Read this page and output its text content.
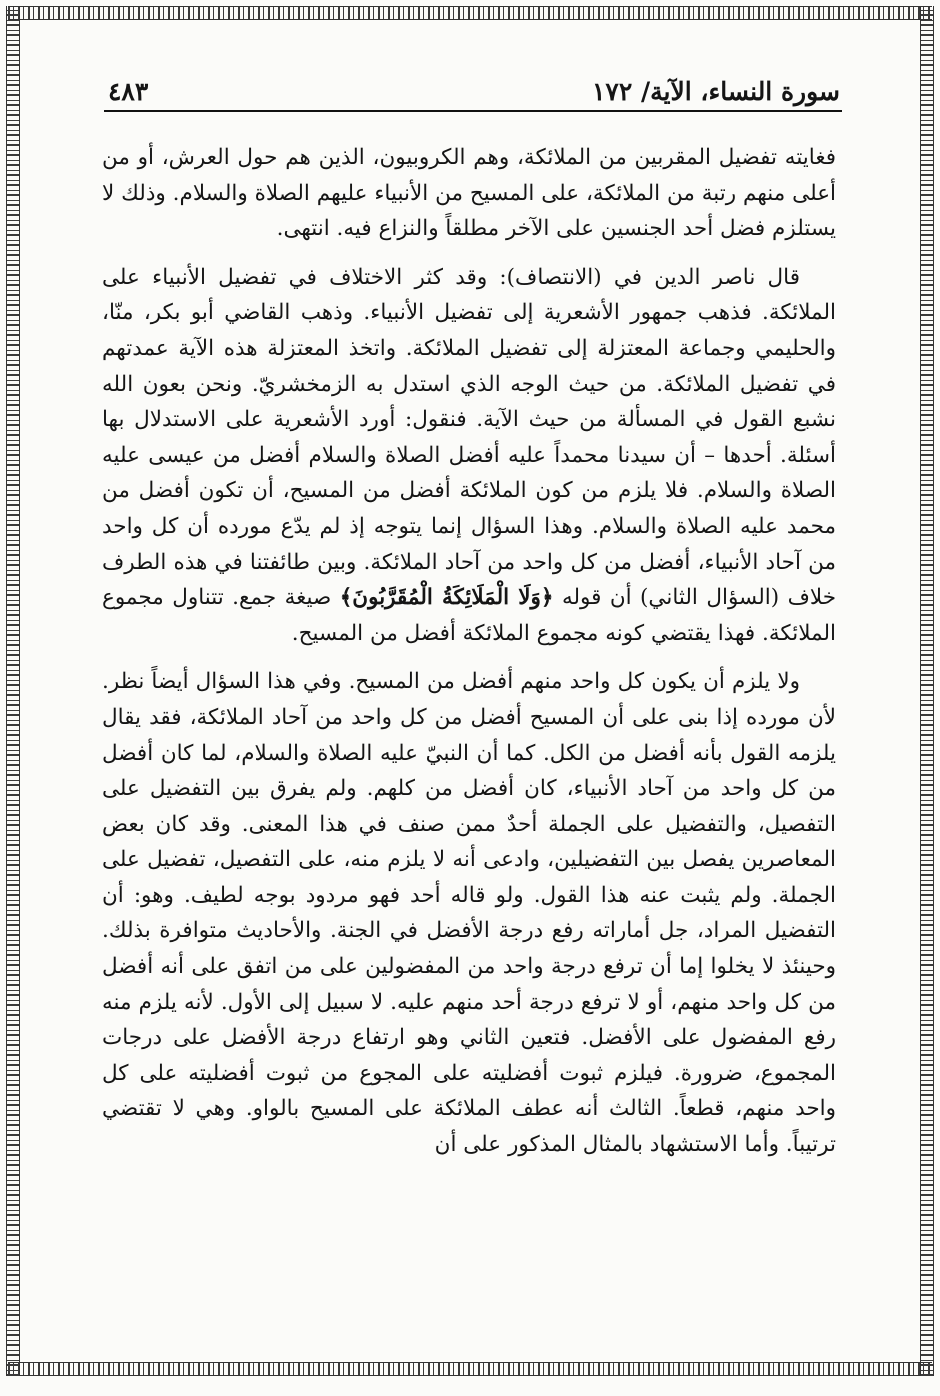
سورة النساء، الآية/ ١٧٢
٤٨٣

فغايته تفضيل المقربين من الملائكة، وهم الكروبيون، الذين هم حول العرش، أو من أعلى منهم رتبة من الملائكة، على المسيح من الأنبياء عليهم الصلاة والسلام. وذلك لا يستلزم فضل أحد الجنسين على الآخر مطلقاً والنزاع فيه. انتهى.

قال ناصر الدين في (الانتصاف): وقد كثر الاختلاف في تفضيل الأنبياء على الملائكة. فذهب جمهور الأشعرية إلى تفضيل الأنبياء. وذهب القاضي أبو بكر، منّا، والحليمي وجماعة المعتزلة إلى تفضيل الملائكة. واتخذ المعتزلة هذه الآية عمدتهم في تفضيل الملائكة. من حيث الوجه الذي استدل به الزمخشريّ. ونحن بعون الله نشبع القول في المسألة من حيث الآية. فنقول: أورد الأشعرية على الاستدلال بها أسئلة. أحدها – أن سيدنا محمداً عليه أفضل الصلاة والسلام أفضل من عيسى عليه الصلاة والسلام. فلا يلزم من كون الملائكة أفضل من المسيح، أن تكون أفضل من محمد عليه الصلاة والسلام. وهذا السؤال إنما يتوجه إذ لم يدّع مورده أن كل واحد من آحاد الأنبياء، أفضل من كل واحد من آحاد الملائكة. وبين طائفتنا في هذه الطرف خلاف (السؤال الثاني) أن قوله ﴿وَلَا الْمَلَائِكَةُ الْمُقَرَّبُونَ﴾ صيغة جمع. تتناول مجموع الملائكة. فهذا يقتضي كونه مجموع الملائكة أفضل من المسيح.

ولا يلزم أن يكون كل واحد منهم أفضل من المسيح. وفي هذا السؤال أيضاً نظر. لأن مورده إذا بنى على أن المسيح أفضل من كل واحد من آحاد الملائكة، فقد يقال يلزمه القول بأنه أفضل من الكل. كما أن النبيّ عليه الصلاة والسلام، لما كان أفضل من كل واحد من آحاد الأنبياء، كان أفضل من كلهم. ولم يفرق بين التفضيل على التفصيل، والتفضيل على الجملة أحدٌ ممن صنف في هذا المعنى. وقد كان بعض المعاصرين يفصل بين التفضيلين، وادعى أنه لا يلزم منه، على التفصيل، تفضيل على الجملة. ولم يثبت عنه هذا القول. ولو قاله أحد فهو مردود بوجه لطيف. وهو: أن التفضيل المراد، جل أماراته رفع درجة الأفضل في الجنة. والأحاديث متوافرة بذلك. وحينئذ لا يخلوا إما أن ترفع درجة واحد من المفضولين على من اتفق على أنه أفضل من كل واحد منهم، أو لا ترفع درجة أحد منهم عليه. لا سبيل إلى الأول. لأنه يلزم منه رفع المفضول على الأفضل. فتعين الثاني وهو ارتفاع درجة الأفضل على درجات المجموع، ضرورة. فيلزم ثبوت أفضليته على المجوع من ثبوت أفضليته على كل واحد منهم، قطعاً. الثالث أنه عطف الملائكة على المسيح بالواو. وهي لا تقتضي ترتيباً. وأما الاستشهاد بالمثال المذكور على أن
